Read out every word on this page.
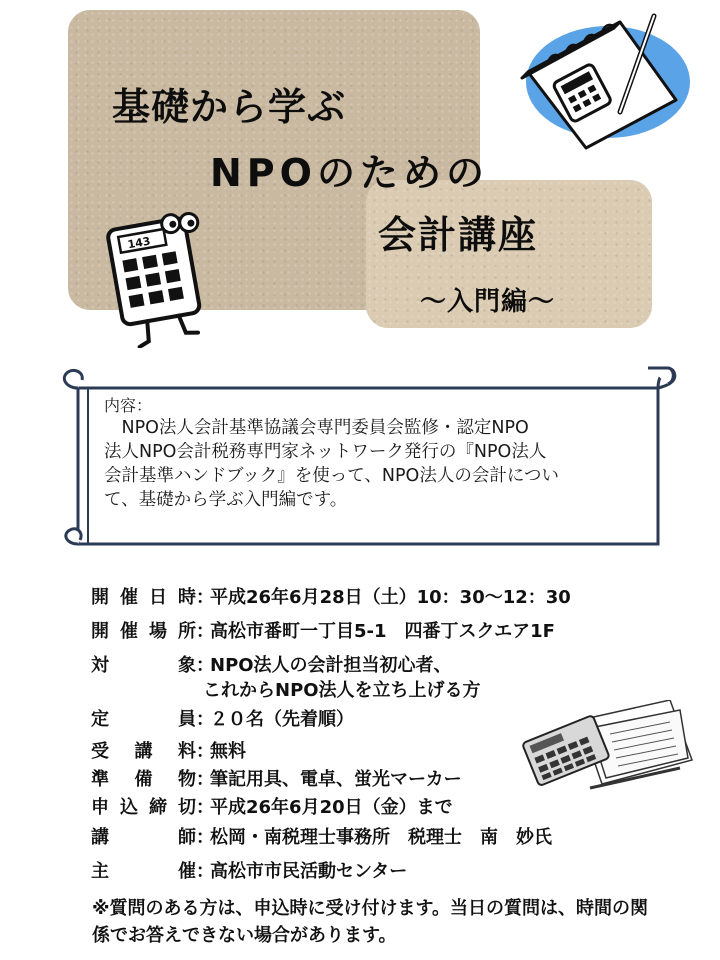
基礎から学ぶ
NPOのための
会計講座
～入門編～
143
内容：
　NPO法人会計基準協議会専門委員会監修・認定NPO
法人NPO会計税務専門家ネットワーク発行の『NPO法人
会計基準ハンドブック』を使って、NPO法人の会計につい
て、基礎から学ぶ入門編です。
開催日時：平成26年6月28日（土）10：30～12：30
開催場所：高松市番町一丁目5-1　四番丁スクエア1F
対　象：NPO法人の会計担当初心者、
これからNPO法人を立ち上げる方
定　員：２０名（先着順）
受講料：無料
準備物：筆記用具、電卓、蛍光マーカー
申込締切：平成26年6月20日（金）まで
講　師：松岡・南税理士事務所　税理士　南　妙氏
主　催：高松市市民活動センター
※質問のある方は、申込時に受け付けます。当日の質問は、時間の関係でお答えできない場合があります。
